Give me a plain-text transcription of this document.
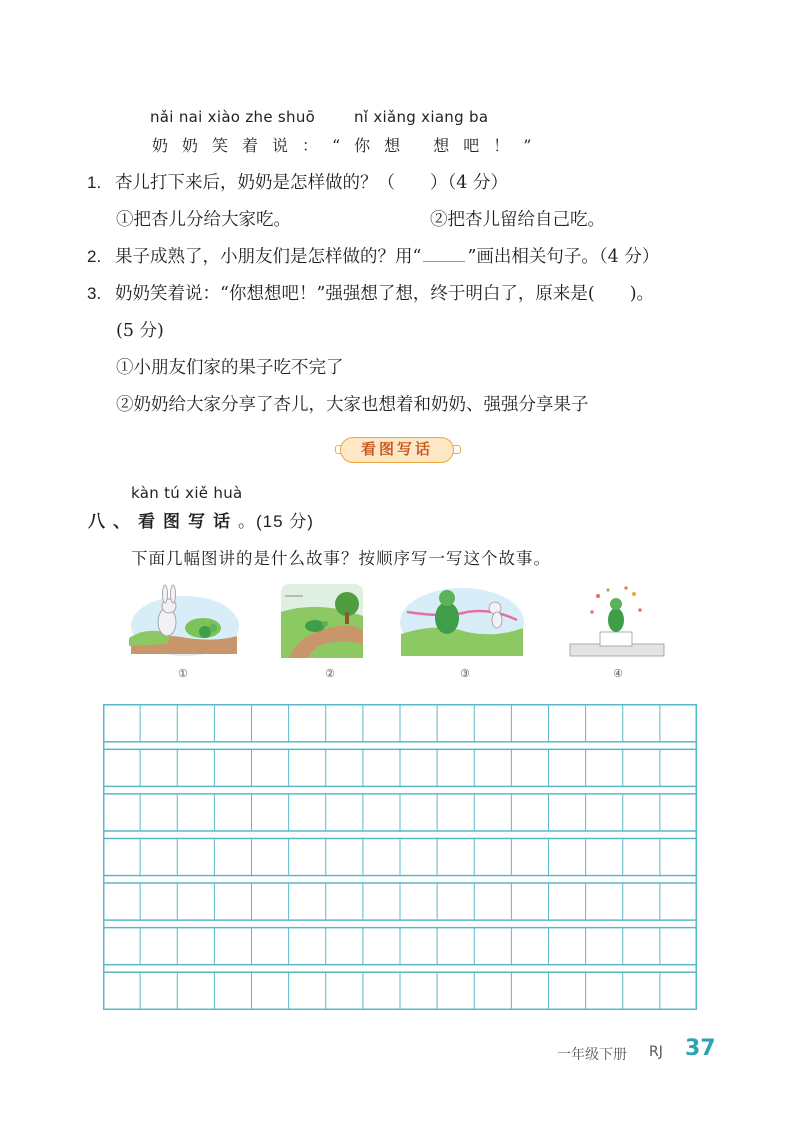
nǎi nai xiào zhe shuō	nǐ xiǎng xiang ba
奶奶笑着说：“你想 想吧！”
1. 杏儿打下来后，奶奶是怎样做的？（　　）（4 分）
①把杏儿分给大家吃。	②把杏儿留给自己吃。
2. 果子成熟了，小朋友们是怎样做的？用“	”画出相关句子。（4 分）
3. 奶奶笑着说：“你想想吧！”强强想了想，终于明白了，原来是(　　)。
(5 分)
①小朋友们家的果子吃不完了
②奶奶给大家分享了杏儿，大家也想着和奶奶、强强分享果子
看图写话
kàn tú xiě huà
八、看图写话。(15 分)
下面几幅图讲的是什么故事？按顺序写一写这个故事。
①	②	③	④
一年级下册 RJ 37
